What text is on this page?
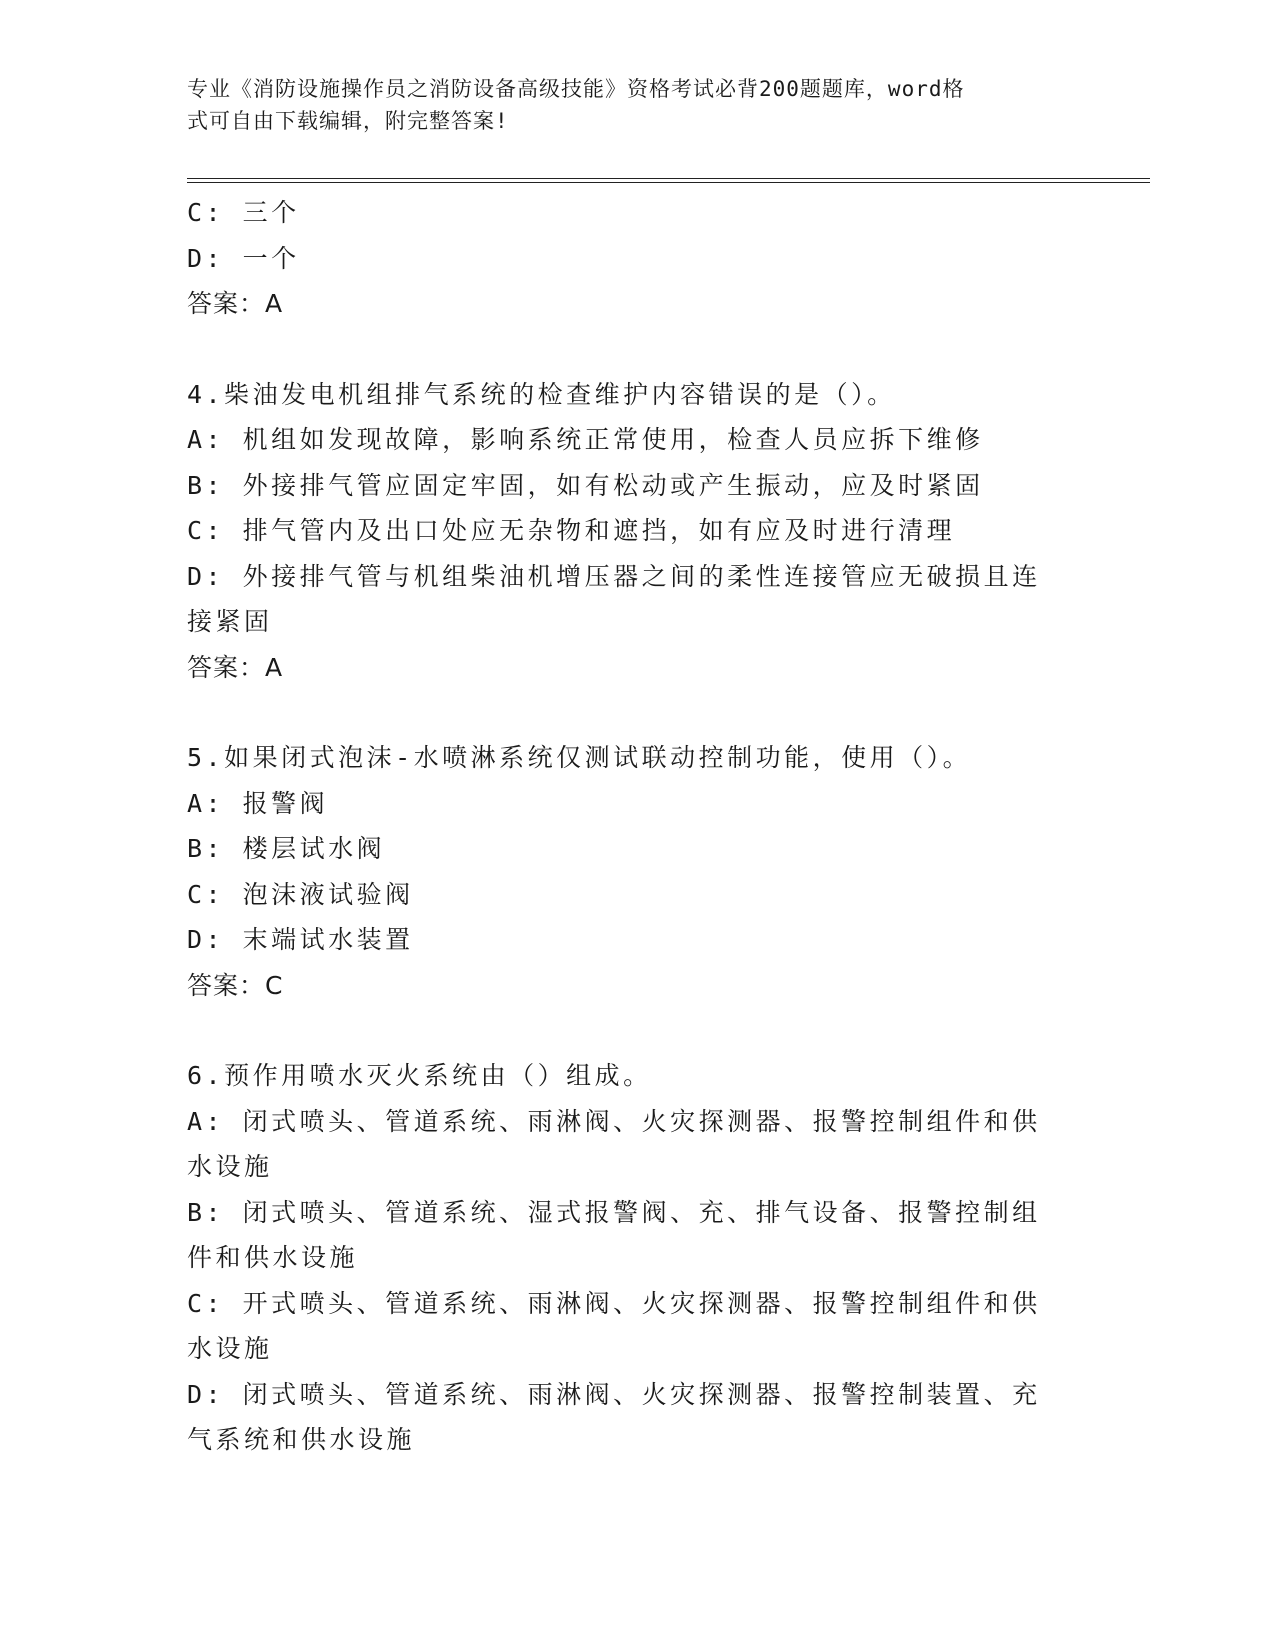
专业《消防设施操作员之消防设备高级技能》资格考试必背200题题库，word格
式可自由下载编辑，附完整答案!
C: 三个
D: 一个
答案：A
4.柴油发电机组排气系统的检查维护内容错误的是（）。
A: 机组如发现故障，影响系统正常使用，检查人员应拆下维修
B: 外接排气管应固定牢固，如有松动或产生振动，应及时紧固
C: 排气管内及出口处应无杂物和遮挡，如有应及时进行清理
D: 外接排气管与机组柴油机增压器之间的柔性连接管应无破损且连接紧固
答案：A
5.如果闭式泡沫-水喷淋系统仅测试联动控制功能，使用（）。
A: 报警阀
B: 楼层试水阀
C: 泡沫液试验阀
D: 末端试水装置
答案：C
6.预作用喷水灭火系统由（）组成。
A: 闭式喷头、管道系统、雨淋阀、火灾探测器、报警控制组件和供水设施
B: 闭式喷头、管道系统、湿式报警阀、充、排气设备、报警控制组件和供水设施
C: 开式喷头、管道系统、雨淋阀、火灾探测器、报警控制组件和供水设施
D: 闭式喷头、管道系统、雨淋阀、火灾探测器、报警控制装置、充气系统和供水设施
